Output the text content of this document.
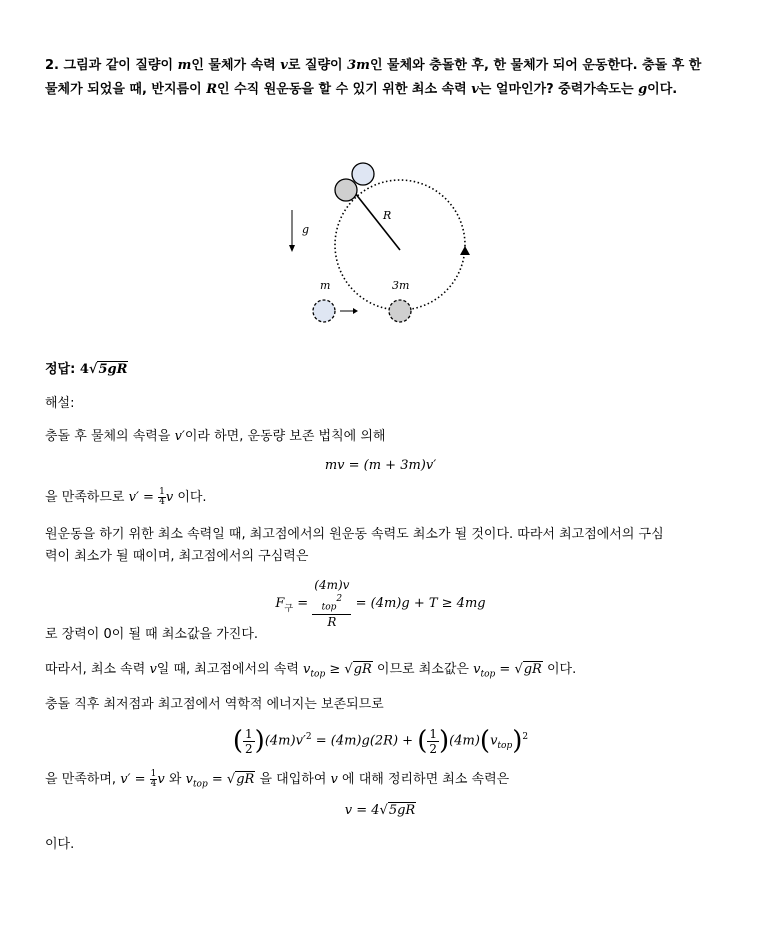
2. 그림과 같이 질량이 m인 물체가 속력 v로 질량이 3m인 물체와 충돌한 후, 한 물체가 되어 운동한다. 충돌 후 한 물체가 되었을 때, 반지름이 R인 수직 원운동을 할 수 있기 위한 최소 속력 v는 얼마인가? 중력가속도는 g이다.
g
R
m	3m
정답: 4√5gR
해설:
충돌 후 물체의 속력을 v′이라 하면, 운동량 보존 법칙에 의해
mv = (m + 3m)v′
을 만족하므로 $v' = \frac{1}{4}$ v 이다.
원운동을 하기 위한 최소 속력일 때, 최고점에서의 원운동 속력도 최소가 될 것이다. 따라서 최고점에서의 구심
력이 최소가 될 때이며, 최고점에서의 구심력은
$F_구$ =
(4m)v
$_{top}^2$
R
= (4m)g + T ≥ 4mg
로 장력이 0이 될 때 최소값을 가진다.
따라서, 최소 속력 v일 때, 최고점에서의 속력 $v_{top} \ge √gR$ 이므로 최소값은 $v_{top} = √gR$ 이다.
충돌 직후 최저점과 최고점에서 역학적 에너지는 보존되므로
( $\frac{1}{2} )(4m)v'^2 = (4m)g(2R)$ + ( $\frac{1}{2} )(4m)(v_{top})^2$
을 만족하며, $v' = \frac{1}{4}$ v 와 $v_{top} = √gR$ 을 대입하여 v 에 대해 정리하면 최소 속력은
v = 4√5gR
이다.
